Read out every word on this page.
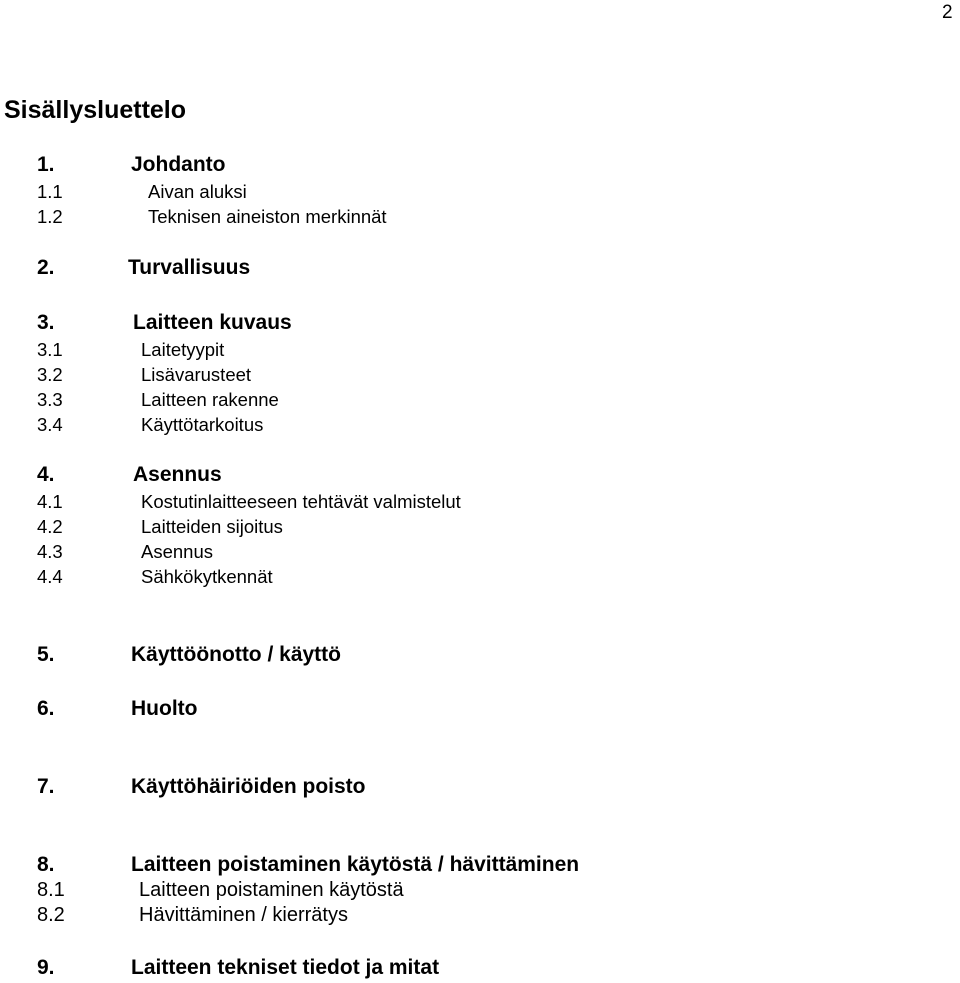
2
Sisällysluettelo
1.	Johdanto
1.1	Aivan aluksi
1.2	Teknisen aineiston merkinnät
2.	Turvallisuus
3.	Laitteen kuvaus
3.1	Laitetyypit
3.2	Lisävarusteet
3.3	Laitteen rakenne
3.4	Käyttötarkoitus
4.	Asennus
4.1	Kostutinlaitteeseen tehtävät valmistelut
4.2	Laitteiden sijoitus
4.3	Asennus
4.4	Sähkökytkennät
5.	Käyttöönotto / käyttö
6.	Huolto
7.	Käyttöhäiriöiden poisto
8.	Laitteen poistaminen käytöstä / hävittäminen
8.1	Laitteen poistaminen käytöstä
8.2	Hävittäminen / kierrätys
9.	Laitteen tekniset tiedot ja mitat
